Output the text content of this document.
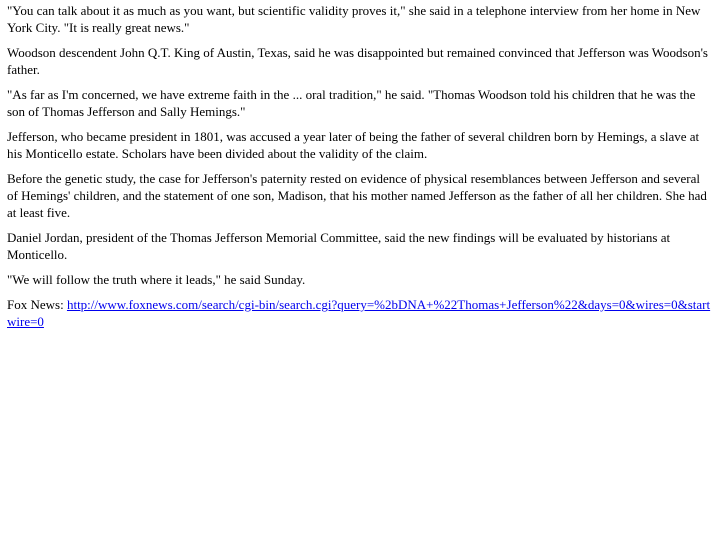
"You can talk about it as much as you want, but scientific validity proves it," she said in a telephone interview from her home in New York City. "It is really great news."

Woodson descendent John Q.T. King of Austin, Texas, said he was disappointed but remained convinced that Jefferson was Woodson's father.

"As far as I'm concerned, we have extreme faith in the ... oral tradition," he said. "Thomas Woodson told his children that he was the son of Thomas Jefferson and Sally Hemings."

Jefferson, who became president in 1801, was accused a year later of being the father of several children born by Hemings, a slave at his Monticello estate. Scholars have been divided about the validity of the claim.

Before the genetic study, the case for Jefferson's paternity rested on evidence of physical resemblances between Jefferson and several of Hemings' children, and the statement of one son, Madison, that his mother named Jefferson as the father of all her children. She had at least five.

Daniel Jordan, president of the Thomas Jefferson Memorial Committee, said the new findings will be evaluated by historians at Monticello.

"We will follow the truth where it leads," he said Sunday.

Fox News: http://www.foxnews.com/search/cgi-bin/search.cgi?query=%2bDNA+%22Thomas+Jefferson%22&days=0&wires=0&startwire=0
